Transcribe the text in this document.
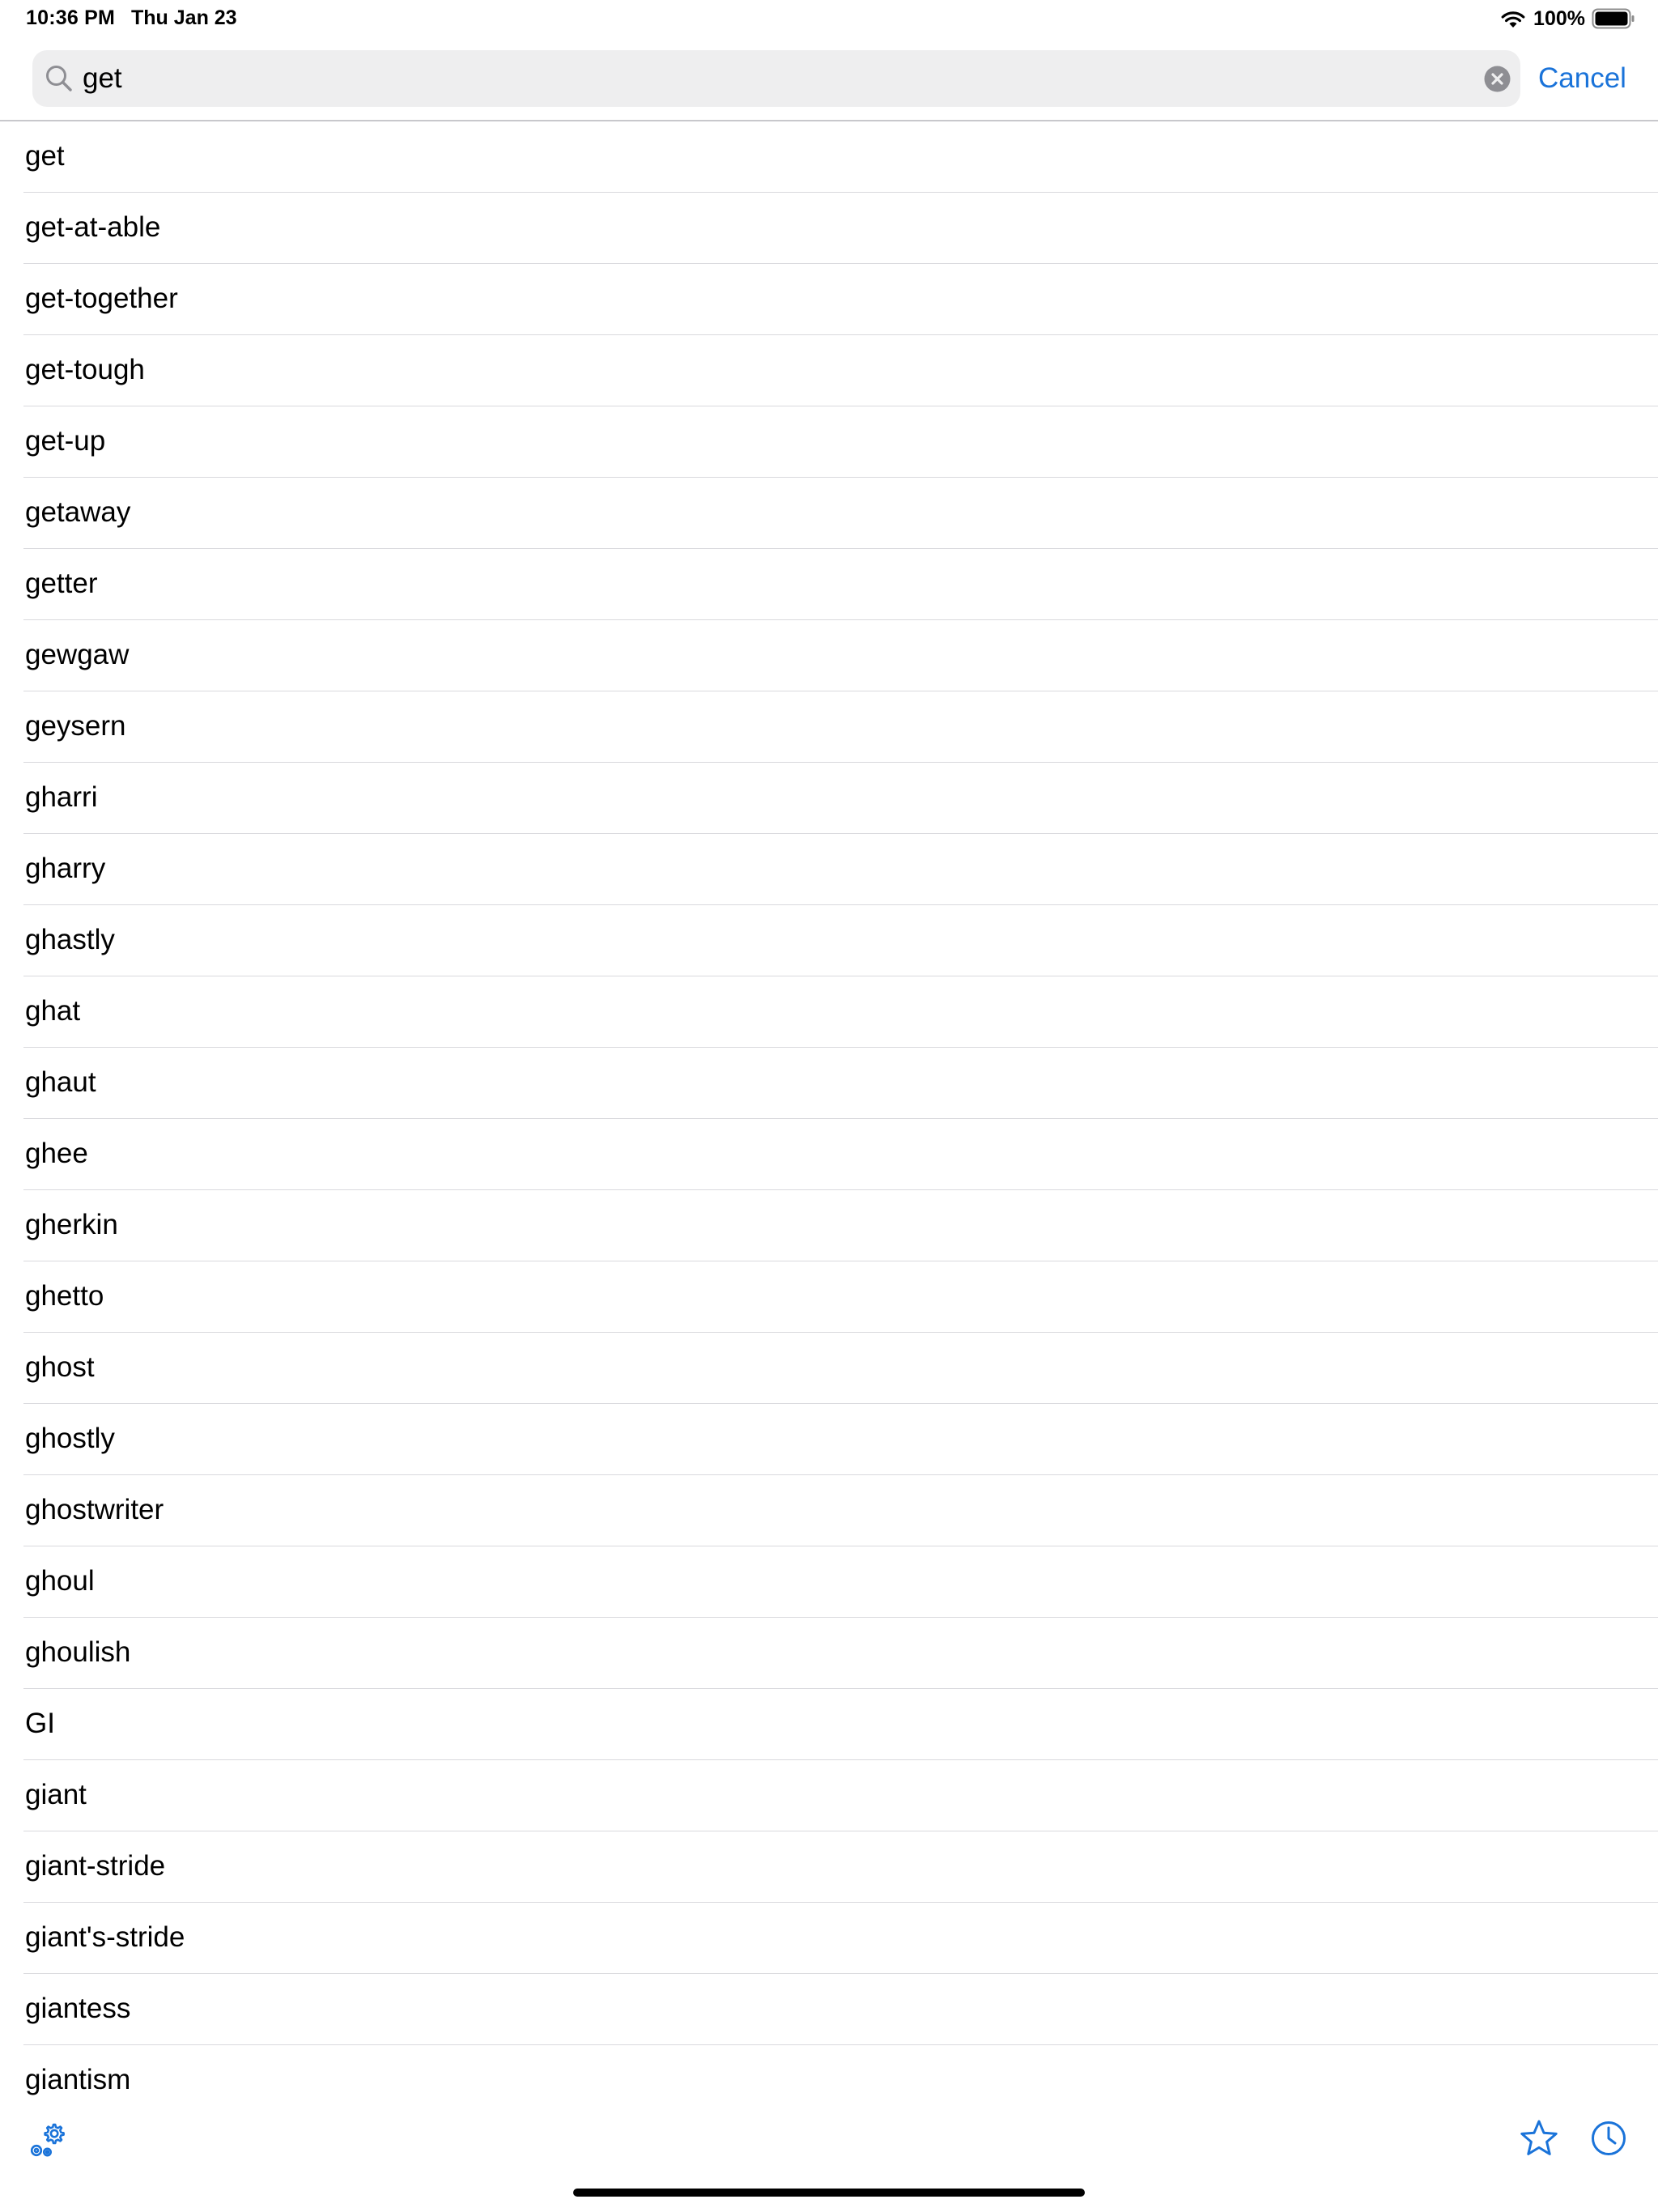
10:36 PM Thu Jan 23	100%
get
Cancel
get
get-at-able
get-together
get-tough
get-up
getaway
getter
gewgaw
geysern
gharri
gharry
ghastly
ghat
ghaut
ghee
gherkin
ghetto
ghost
ghostly
ghostwriter
ghoul
ghoulish
GI
giant
giant-stride
giant's-stride
giantess
giantism
